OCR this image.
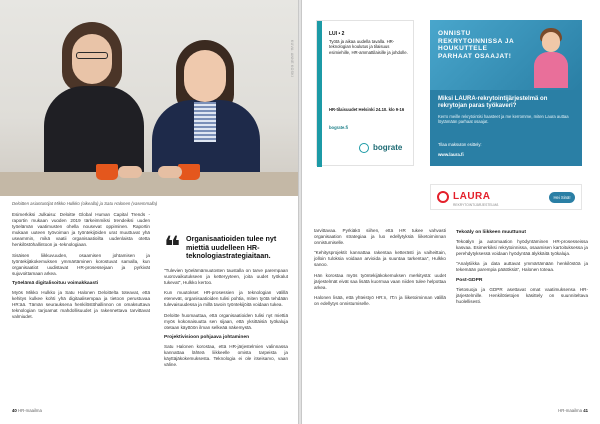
KUVA: ANNE KOSKI
Deloitten asiantuntijat Mikko Hulkko (oikealla) ja Satu Halonen (vasemmalla)

Esimerkiksi Julkaisu: Deloitte Global Human Capital Trends -raportin mukaan vuoden 2019 tärkeimmiksi trendeiksi uuden työelämän vaatimusten ohella nousevat oppiminen. Raportin mukaan uuteen työvoiman ja työntekijöiden urat muuttuvat yhä useammin, mikä vaatii organisaatioilta uudenlaista otetta henkilöstöhallintoon ja -teknologiaan.

Sisäisen liikkuvuuden, osaamisen johtamisen ja työntekijäkokemuksen ymmärtäminen korostuvat samalla, kun organisaatiot uudistavat HR-prosessejaan ja pyrkivät sujuvoittamaan arkea.

Työelämä digitalisoituu voimakkaasti

Myös Mikko Hulkko ja Satu Halonen Deloittelta toteavat, että kehitys kulkee kohti yhä digitaalisempaa ja tietoon perustuvaa HR:ää. Tämän seurauksena henkilöstöhallinnon on omaksuttava teknologian tarjoamat mahdollisuudet ja rakennettava tarvittavat valmiudet.

❝ Organisaatioiden tulee nyt miettiä uudelleen HR-teknologiastrategiaitaan.

"Tulevien työelämämuutosten taustalla on tarve parempaan vuorovaikutukseen ja ketteryyteen, joita uudet työkalut tukevat", Hulkko kertoo.

Kun muutokset HR-prosessien ja teknologian välillä etenevät, organisaatioiden tulisi pohtia, miten työtä tehdään tulevaisuudessa ja millä tavoin työntekijöitä voidaan tukea.

Deloitte huomauttaa, että organisaatioiden tulisi nyt miettiä myös kokonaisuutta sen sijaan, että yksittäisiä työkaluja otetaan käyttöön ilman selkeää näkemystä.

Projektivisioon pohjaava johtaminen

Satu Halonen korostaa, että HR-järjestelmien valinnassa kannattaa lähteä liikkeelle omista tarpeista ja käyttäjäkokemuksesta. Teknologia ei ole itseisarvo, vaan väline.

40 HR-maailma
LUI • 2
Työtä ja aikaa uudella tavalla. HR-teknologian koulutus ja tilaisuus esimiehille, HR-ammattilaisille ja johdolle.
HR-tilaisuudet Helsinki 24.10. klo 9-16
bograte.fi
bograte
ONNISTU REKRYTOINNISSA JA HOUKUTTELE PARHAAT OSAAJAT!
Miksi LAURA-rekrytointijärjestelmä on rekrytojan paras työkaveri?
Kerro meille rekrytointisi haasteet ja me kerromme, miten Laura auttaa löytämään parhaat osaajat.
Tilaa maksuton esittely:
www.laura.fi
LAURA
REKRYTOINTIJÄRJESTELMÄ
Hei Sinä!

tarvittavaa. Pyrkiäkö siihen, että HR tukee vahvasti organisaation strategiaa ja luo edellytyksiä liiketoiminnan onnistumiselle.

"Kehitysprojektit kannattaa rakentaa ketterästi ja vaiheittain, jolloin tuloksia voidaan arvioida ja suuntaa tarkentaa", Hulkko sanoo.

Hän korostaa myös työntekijäkokemuksen merkitystä: uudet järjestelmät eivät saa lisätä kuormaa vaan niiden tulee helpottaa arkea.

Halonen lisää, että yhteistyö HR:n, IT:n ja liiketoiminnan välillä on edellytys onnistumiselle.

Tekoäly on liikkeen muuttunut

Tekoälyn ja automaation hyödyntäminen HR-prosesseissa kasvaa. Esimerkiksi rekrytoinnissa, osaamisen kartoituksessa ja perehdytyksessä voidaan hyödyntää älykkäitä työkaluja.

"Analytiikka ja data auttavat ymmärtämään henkilöstöä ja tekemään parempia päätöksiä", Halonen toteaa.

Post-GDPR

Tietosuoja ja GDPR asettavat omat vaatimuksensa HR-järjestelmille. Henkilötietojen käsittely on suunniteltava huolellisesti.

HR-maailma 41
